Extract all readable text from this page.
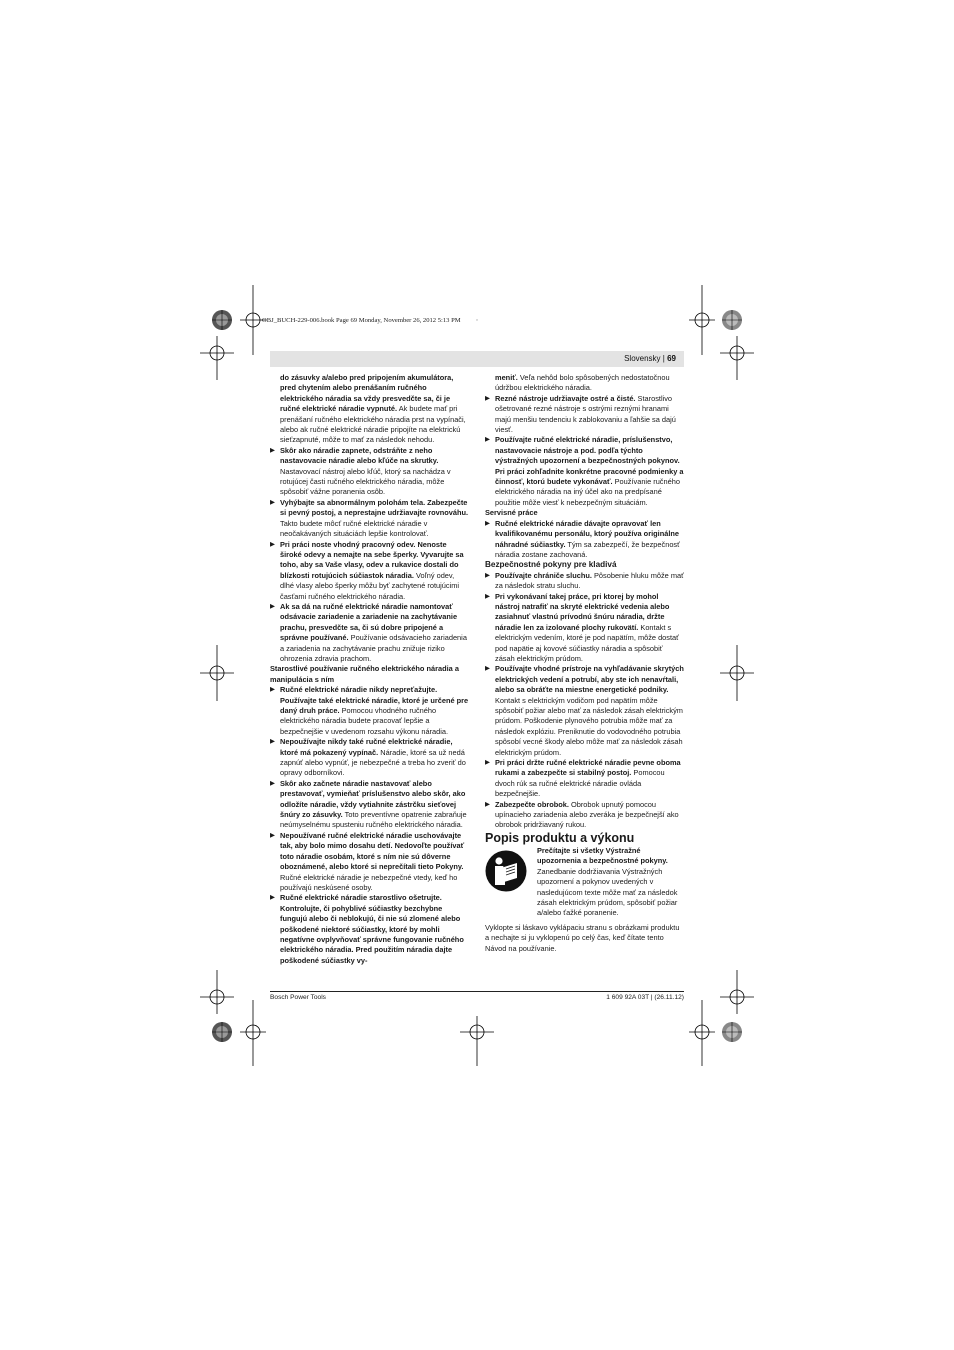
OBJ_BUCH-229-006.book Page 69 Monday, November 26, 2012 5:13 PM
Slovensky | 69

do zásuvky a/alebo pred pripojením akumulátora, pred chytením alebo prenášaním ručného elektrického náradia sa vždy presvedčte sa, či je ručné elektrické náradie vypnuté. Ak budete mať pri prenášaní ručného elektrického náradia prst na vypínači, alebo ak ručné elektrické náradie pripojíte na elektrickú sieťzapnuté, môže to mať za následok nehodu.

▶ Skôr ako náradie zapnete, odstráňte z neho nastavovacie náradie alebo kľúče na skrutky. Nastavovací nástroj alebo kľúč, ktorý sa nachádza v rotujúcej časti ručného elektrického náradia, môže spôsobiť vážne poranenia osôb.

▶ Vyhýbajte sa abnormálnym polohám tela. Zabezpečte si pevný postoj, a neprestajne udržiavajte rovnováhu. Takto budete môcť ručné elektrické náradie v neočakávaných situáciách lepšie kontrolovať.

▶ Pri práci noste vhodný pracovný odev. Nenoste široké odevy a nemajte na sebe šperky. Vyvarujte sa toho, aby sa Vaše vlasy, odev a rukavice dostali do blízkosti rotujúcich súčiastok náradia. Voľný odev, dlhé vlasy alebo šperky môžu byť zachytené rotujúcimi časťami ručného elektrického náradia.

▶ Ak sa dá na ručné elektrické náradie namontovať odsávacie zariadenie a zariadenie na zachytávanie prachu, presvedčte sa, či sú dobre pripojené a správne používané. Používanie odsávacieho zariadenia a zariadenia na zachytávanie prachu znižuje riziko ohrozenia zdravia prachom.

Starostlivé používanie ručného elektrického náradia a manipulácia s ním

▶ Ručné elektrické náradie nikdy nepreťažujte. Používajte také elektrické náradie, ktoré je určené pre daný druh práce. Pomocou vhodného ručného elektrického náradia budete pracovať lepšie a bezpečnejšie v uvedenom rozsahu výkonu náradia.

▶ Nepoužívajte nikdy také ručné elektrické náradie, ktoré má pokazený vypínač. Náradie, ktoré sa už nedá zapnúť alebo vypnúť, je nebezpečné a treba ho zveriť do opravy odborníkovi.

▶ Skôr ako začnete náradie nastavovať alebo prestavovať, vymieňať príslušenstvo alebo skôr, ako odložíte náradie, vždy vytiahnite zástrčku sieťovej šnúry zo zásuvky. Toto preventívne opatrenie zabraňuje neúmyselnému spusteniu ručného elektrického náradia.

▶ Nepoužívané ručné elektrické náradie uschovávajte tak, aby bolo mimo dosahu detí. Nedovoľte používať toto náradie osobám, ktoré s ním nie sú dôverne oboznámené, alebo ktoré si neprečítali tieto Pokyny. Ručné elektrické náradie je nebezpečné vtedy, keď ho používajú neskúsené osoby.

▶ Ručné elektrické náradie starostlivo ošetrujte. Kontrolujte, či pohyblivé súčiastky bezchybne fungujú alebo či neblokujú, či nie sú zlomené alebo poškodené niektoré súčiastky, ktoré by mohli negatívne ovplyvňovať správne fungovanie ručného elektrického náradia. Pred použitím náradia dajte poškodené súčiastky vy-

meniť. Veľa nehôd bolo spôsobených nedostatočnou údržbou elektrického náradia.

▶ Rezné nástroje udržiavajte ostré a čisté. Starostlivo ošetrované rezné nástroje s ostrými reznými hranami majú menšiu tendenciu k zablokovaniu a ľahšie sa dajú viesť.

▶ Používajte ručné elektrické náradie, príslušenstvo, nastavovacie nástroje a pod. podľa týchto výstražných upozornení a bezpečnostných pokynov. Pri práci zohľadnite konkrétne pracovné podmienky a činnosť, ktorú budete vykonávať. Používanie ručného elektrického náradia na iný účel ako na predpísané použitie môže viesť k nebezpečným situáciám.

Servisné práce

▶ Ručné elektrické náradie dávajte opravovať len kvalifikovanému personálu, ktorý používa originálne náhradné súčiastky. Tým sa zabezpečí, že bezpečnosť náradia zostane zachovaná.

Bezpečnostné pokyny pre kladivá

▶ Používajte chrániče sluchu. Pôsobenie hluku môže mať za následok stratu sluchu.

▶ Pri vykonávaní takej práce, pri ktorej by mohol nástroj natrafiť na skryté elektrické vedenia alebo zasiahnuť vlastnú prívodnú šnúru náradia, držte náradie len za izolované plochy rukovätí. Kontakt s elektrickým vedením, ktoré je pod napätím, môže dostať pod napätie aj kovové súčiastky náradia a spôsobiť zásah elektrickým prúdom.

▶ Používajte vhodné prístroje na vyhľadávanie skrytých elektrických vedení a potrubí, aby ste ich nenavŕtali, alebo sa obráťte na miestne energetické podniky. Kontakt s elektrickým vodičom pod napätím môže spôsobiť požiar alebo mať za následok zásah elektrickým prúdom. Poškodenie plynového potrubia môže mať za následok explóziu. Preniknutie do vodovodného potrubia spôsobí vecné škody alebo môže mať za následok zásah elektrickým prúdom.

▶ Pri práci držte ručné elektrické náradie pevne oboma rukami a zabezpečte si stabilný postoj. Pomocou dvoch rúk sa ručné elektrické náradie ovláda bezpečnejšie.

▶ Zabezpečte obrobok. Obrobok upnutý pomocou upínacieho zariadenia alebo zveráka je bezpečnejší ako obrobok pridržiavaný rukou.

Popis produktu a výkonu

Prečítajte si všetky Výstražné upozornenia a bezpečnostné pokyny. Zanedbanie dodržiavania Výstražných upozornení a pokynov uvedených v nasledujúcom texte môže mať za následok zásah elektrickým prúdom, spôsobiť požiar a/alebo ťažké poranenie.

Vyklopte si láskavo vyklápaciu stranu s obrázkami produktu a nechajte si ju vyklopenú po celý čas, keď čítate tento Návod na používanie.

Bosch Power Tools	1 609 92A 03T | (26.11.12)
